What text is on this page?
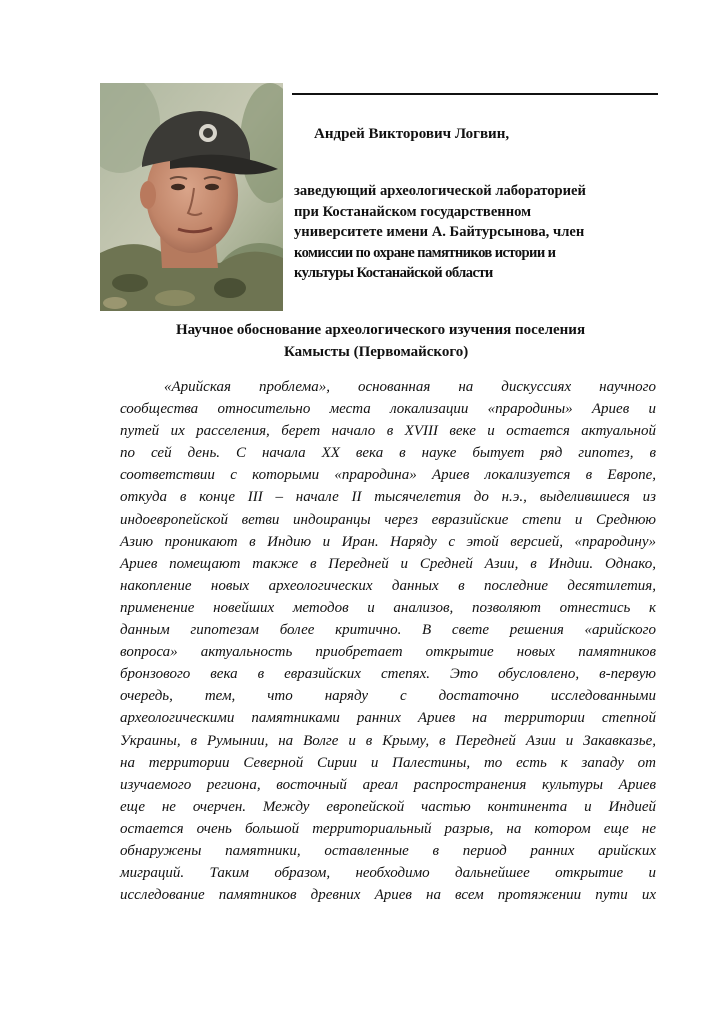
Андрей Викторович Логвин,
заведующий археологической лабораторией
при Костанайском государственном
университете имени А. Байтурсынова, член
комиссии по охране памятников истории и
культуры Костанайской области
Научное обоснование археологического изучения поселения
Камысты (Первомайского)
«Арийская проблема», основанная на дискуссиях научного
сообщества относительно места локализации «прародины» Ариев и
путей их расселения, берет начало в XVIII веке и остается актуальной
по сей день. С начала XX века в науке бытует ряд гипотез, в
соответствии с которыми «прародина» Ариев локализуется в Европе,
откуда в конце III – начале II тысячелетия до н.э., выделившиеся из
индоевропейской ветви индоиранцы через евразийские степи и Среднюю
Азию проникают в Индию и Иран. Наряду с этой версией, «прародину»
Ариев помещают также в Передней и Средней Азии, в Индии. Однако,
накопление новых археологических данных в последние десятилетия,
применение новейших методов и анализов, позволяют отнестись к
данным гипотезам более критично. В свете решения «арийского
вопроса» актуальность приобретает открытие новых памятников
бронзового века в евразийских степях. Это обусловлено, в-первую
очередь, тем, что наряду с достаточно исследованными
археологическими памятниками ранних Ариев на территории степной
Украины, в Румынии, на Волге и в Крыму, в Передней Азии и Закавказье,
на территории Северной Сирии и Палестины, то есть к западу от
изучаемого региона, восточный ареал распространения культуры Ариев
еще не очерчен. Между европейской частью континента и Индией
остается очень большой территориальный разрыв, на котором еще не
обнаружены памятники, оставленные в период ранних арийских
миграций. Таким образом, необходимо дальнейшее открытие и
исследование памятников древних Ариев на всем протяжении пути их
